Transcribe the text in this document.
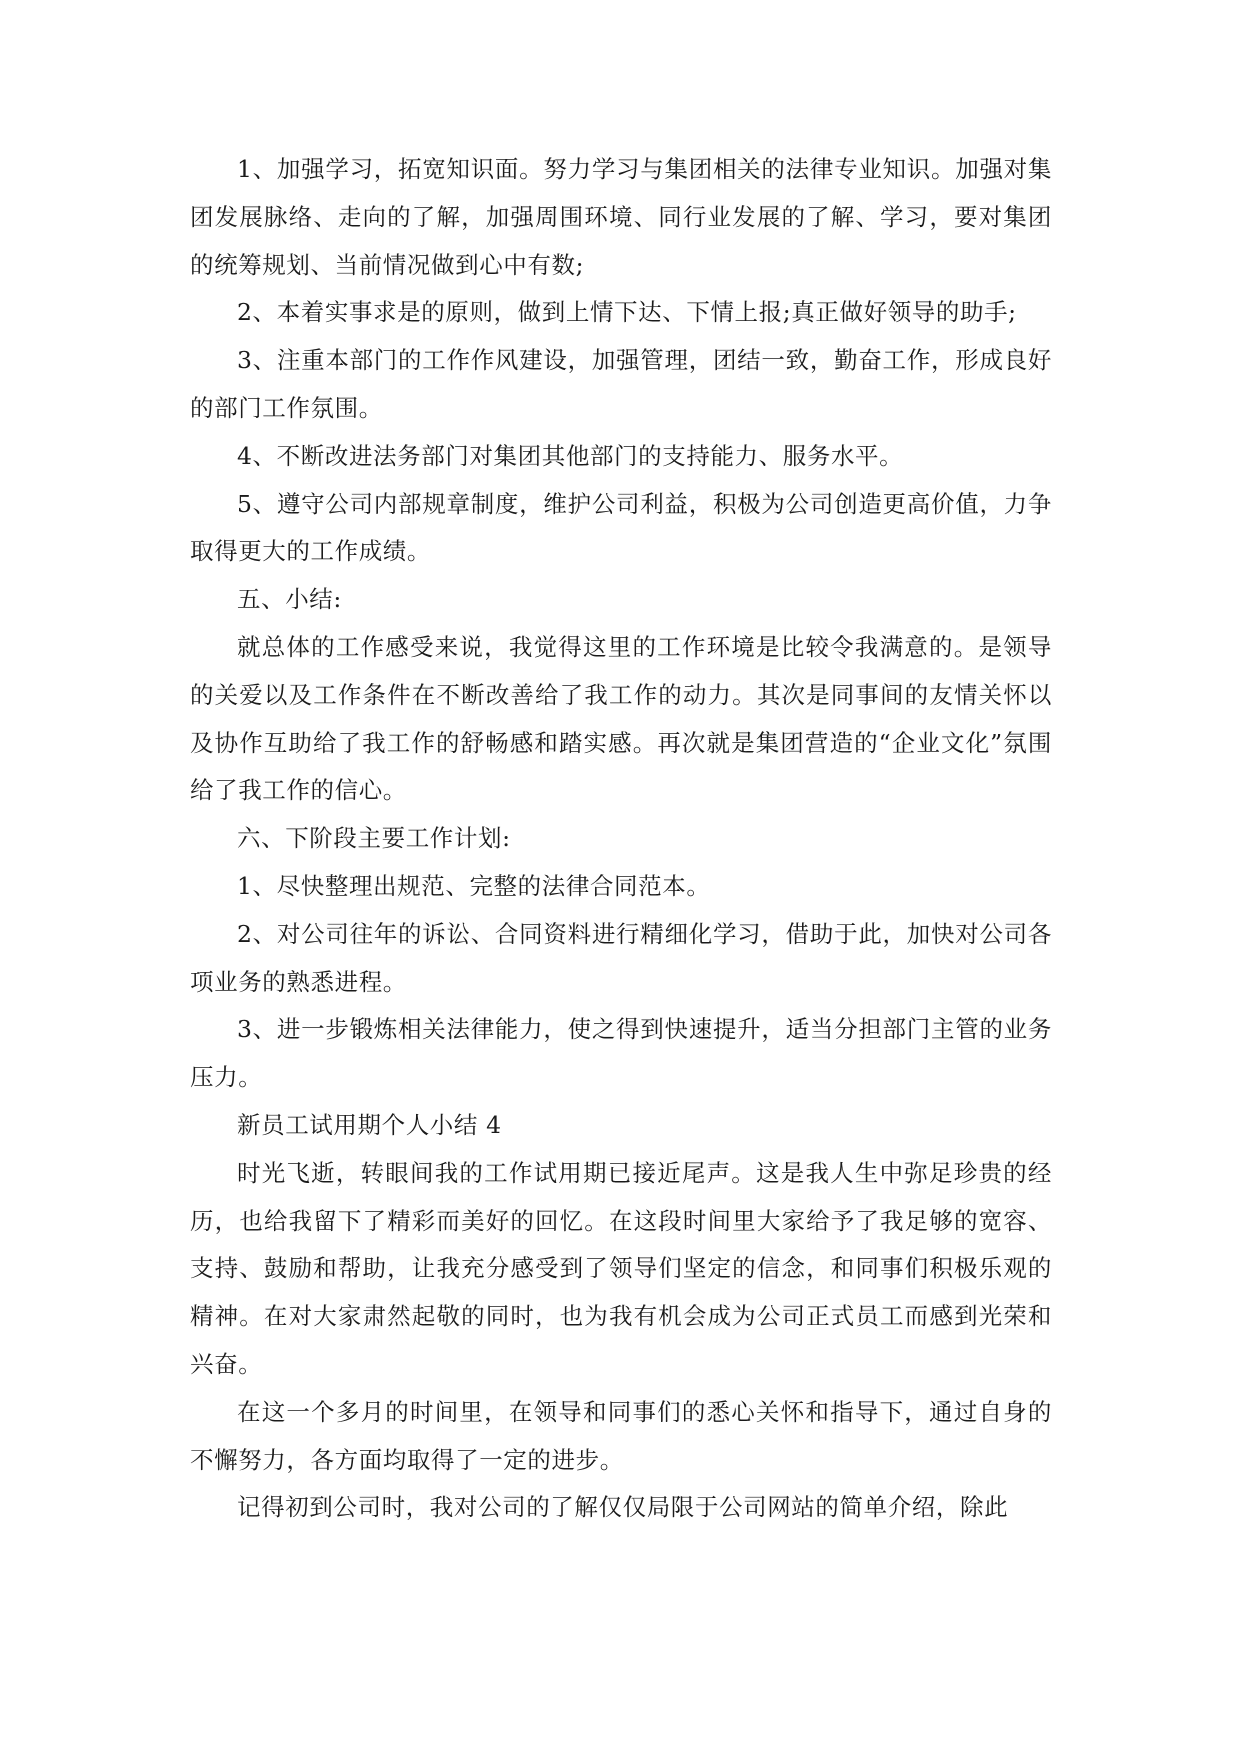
1、加强学习，拓宽知识面。努力学习与集团相关的法律专业知识。加强对集团发展脉络、走向的了解，加强周围环境、同行业发展的了解、学习，要对集团的统筹规划、当前情况做到心中有数;

2、本着实事求是的原则，做到上情下达、下情上报;真正做好领导的助手;

3、注重本部门的工作作风建设，加强管理，团结一致，勤奋工作，形成良好的部门工作氛围。

4、不断改进法务部门对集团其他部门的支持能力、服务水平。

5、遵守公司内部规章制度，维护公司利益，积极为公司创造更高价值，力争取得更大的工作成绩。

五、小结:

就总体的工作感受来说，我觉得这里的工作环境是比较令我满意的。是领导的关爱以及工作条件在不断改善给了我工作的动力。其次是同事间的友情关怀以及协作互助给了我工作的舒畅感和踏实感。再次就是集团营造的“企业文化”氛围给了我工作的信心。

六、下阶段主要工作计划:

1、尽快整理出规范、完整的法律合同范本。

2、对公司往年的诉讼、合同资料进行精细化学习，借助于此，加快对公司各项业务的熟悉进程。

3、进一步锻炼相关法律能力，使之得到快速提升，适当分担部门主管的业务压力。

新员工试用期个人小结 4

时光飞逝，转眼间我的工作试用期已接近尾声。这是我人生中弥足珍贵的经历，也给我留下了精彩而美好的回忆。在这段时间里大家给予了我足够的宽容、支持、鼓励和帮助，让我充分感受到了领导们坚定的信念，和同事们积极乐观的精神。在对大家肃然起敬的同时，也为我有机会成为公司正式员工而感到光荣和兴奋。

在这一个多月的时间里，在领导和同事们的悉心关怀和指导下，通过自身的不懈努力，各方面均取得了一定的进步。

记得初到公司时，我对公司的了解仅仅局限于公司网站的简单介绍，除此
